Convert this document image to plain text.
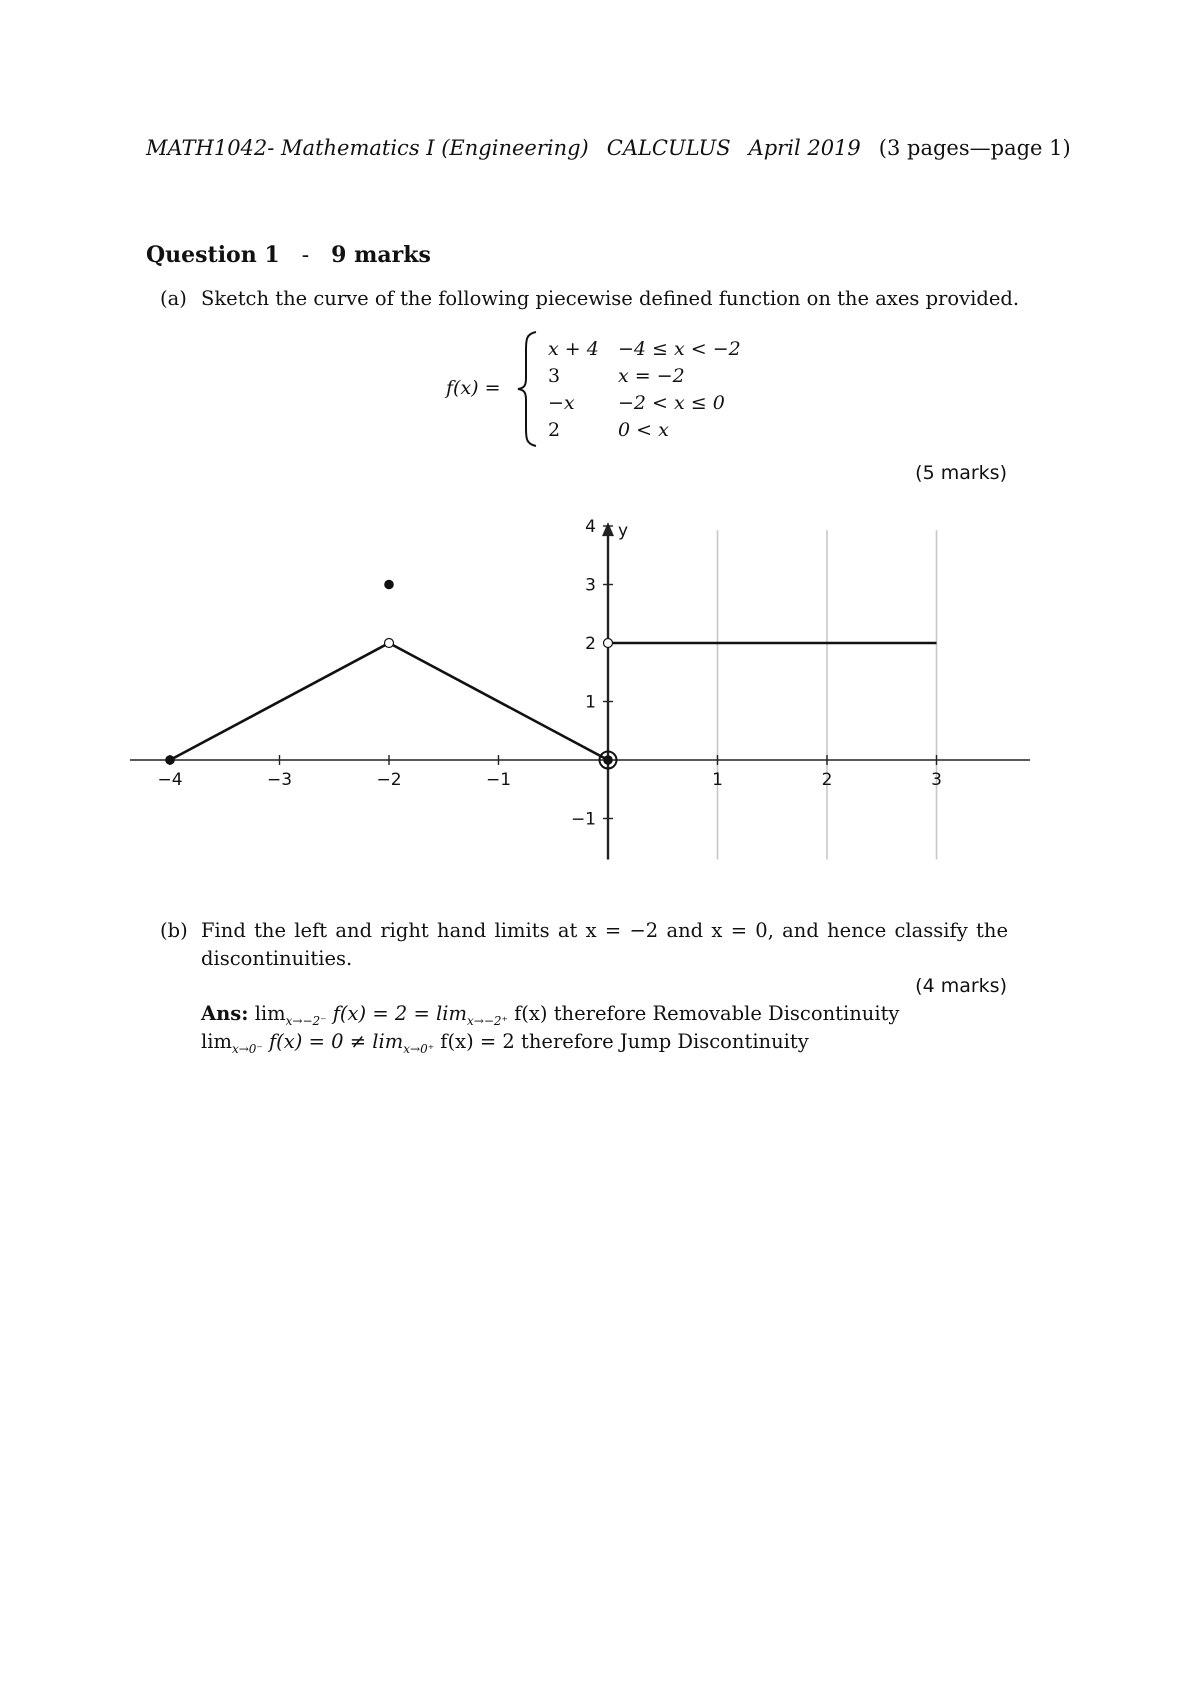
MATH1042- Mathematics I (Engineering) CALCULUS April 2019 (3 pages—page 1)
Question 1 - 9 marks
(a) Sketch the curve of the following piecewise defined function on the axes provided.
f(x) =
x + 4 −4 ≤ x < −2
3	x = −2
−x −2 < x ≤ 0
2	0 < x
(5 marks)
−4	−3	−2	−1	1	2	3
−1
1
2
3
4 y
(b) Find the left and right hand limits at x = −2 and x = 0, and hence classify the
discontinuities.
(4 marks)
Ans: $\lim_{x\to-2^-} f(x) = 2 = \lim_{x\to-2^+} f(x)$ therefore Removable Discontinuity
$\lim_{x\to 0^-} f(x) = 0 \ne \lim_{x\to 0^+} f(x) = 2$ therefore Jump Discontinuity
